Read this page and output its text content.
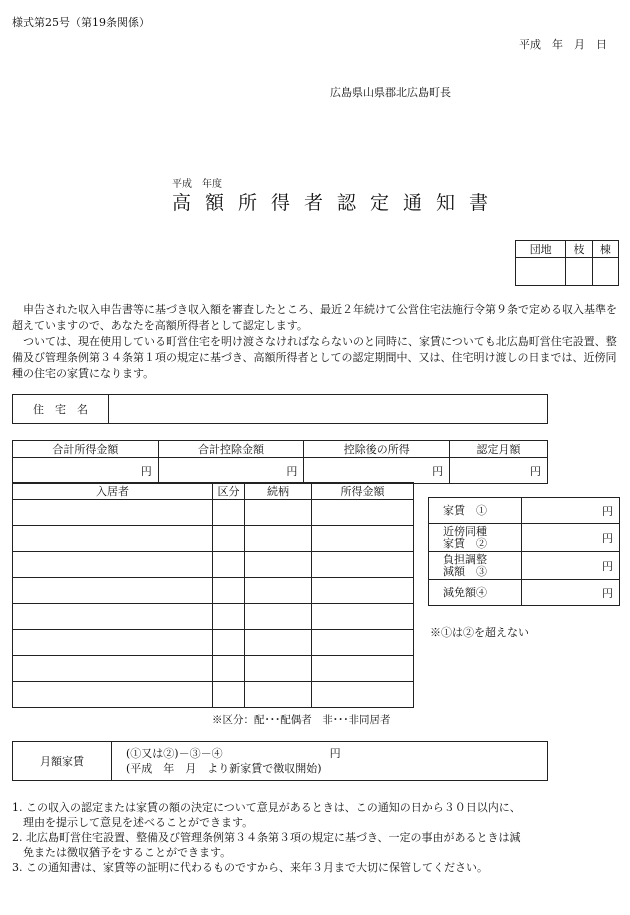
様式第25号（第19条関係）
平成　年　月　日
広島県山県郡北広島町長
平成　年度
高額所得者認定通知書
団地	枝	棟

申告された収入申告書等に基づき収入額を審査したところ、最近２年続けて公営住宅法施行令第９条で定める収入基準を超えていますので、あなたを高額所得者として認定します。
ついては、現在使用している町営住宅を明け渡さなければならないのと同時に、家賃についても北広島町営住宅設置、整備及び管理条例第３４条第１項の規定に基づき、高額所得者としての認定期間中、又は、住宅明け渡しの日までは、近傍同種の住宅の家賃になります。
住　宅　名	
合計所得金額	合計控除金額	控除後の所得	認定月額
円	円	円	円
入居者	区分	続柄	所得金額

※区分：配･･･配偶者　非･･･非同居者
家賃　①	円
近傍同種
家賃　②	円
負担調整
減額　③	円
減免額④	円
※①は②を超えない
月額家賃	
(①又は②)－③－④	円
(平成　年　月　より新家賃で徴収開始)
1. この収入の認定または家賃の額の決定について意見があるときは、この通知の日から３０日以内に、
　理由を提示して意見を述べることができます。
2. 北広島町営住宅設置、整備及び管理条例第３４条第３項の規定に基づき、一定の事由があるときは減
　免または徴収猶予をすることができます。
3. この通知書は、家賃等の証明に代わるものですから、来年３月まで大切に保管してください。
